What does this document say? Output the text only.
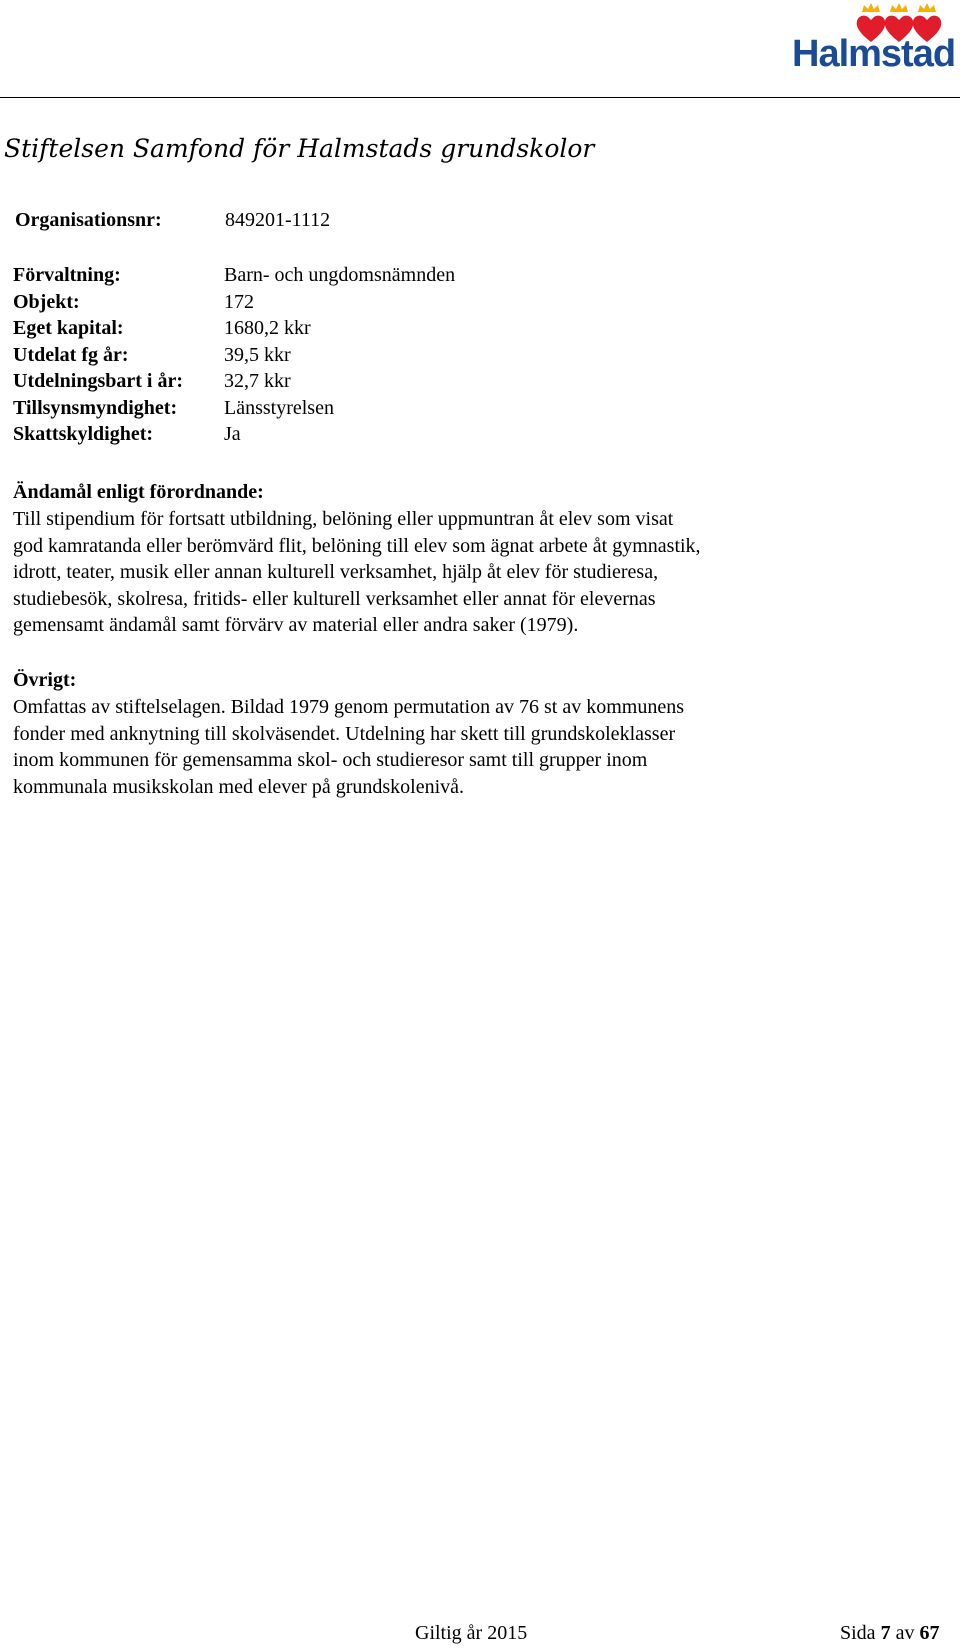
Halmstad
Stiftelsen Samfond för Halmstads grundskolor
Organisationsnr:	849201-1112
Förvaltning:	Barn- och ungdomsnämnden
Objekt:	172
Eget kapital:	1680,2 kkr
Utdelat fg år:	39,5 kkr
Utdelningsbart i år: 32,7 kkr
Tillsynsmyndighet: Länsstyrelsen
Skattskyldighet:	Ja
Ändamål enligt förordnande:
Till stipendium för fortsatt utbildning, belöning eller uppmuntran åt elev som visat
god kamratanda eller berömvärd flit, belöning till elev som ägnat arbete åt gymnastik,
idrott, teater, musik eller annan kulturell verksamhet, hjälp åt elev för studieresa,
studiebesök, skolresa, fritids- eller kulturell verksamhet eller annat för elevernas
gemensamt ändamål samt förvärv av material eller andra saker (1979).
Övrigt:
Omfattas av stiftelselagen. Bildad 1979 genom permutation av 76 st av kommunens
fonder med anknytning till skolväsendet. Utdelning har skett till grundskoleklasser
inom kommunen för gemensamma skol- och studieresor samt till grupper inom
kommunala musikskolan med elever på grundskolenivå.
Giltig år 2015	Sida 7 av 67
